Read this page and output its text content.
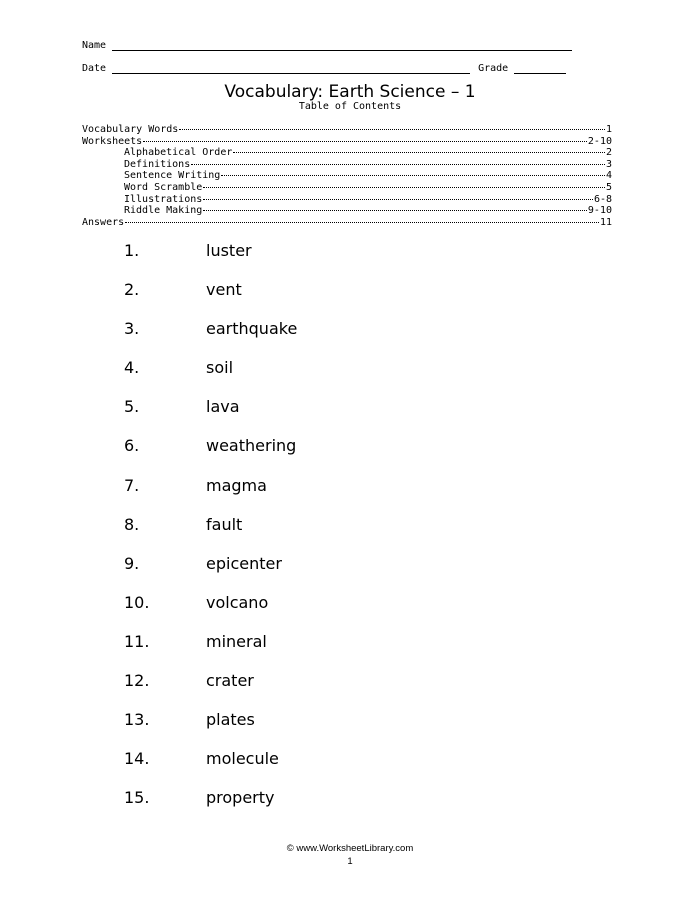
Name
Date	Grade
Vocabulary: Earth Science – 1
Table of Contents
Vocabulary Words	1
Worksheets	2-10
Alphabetical Order	2
Definitions	3
Sentence Writing	4
Word Scramble	5
Illustrations	6-8
Riddle Making	9-10
Answers	11
1.	luster
2.	vent
3.	earthquake
4.	soil
5.	lava
6.	weathering
7.	magma
8.	fault
9.	epicenter
10.	volcano
11.	mineral
12.	crater
13.	plates
14.	molecule
15.	property
© www.WorksheetLibrary.com
1
